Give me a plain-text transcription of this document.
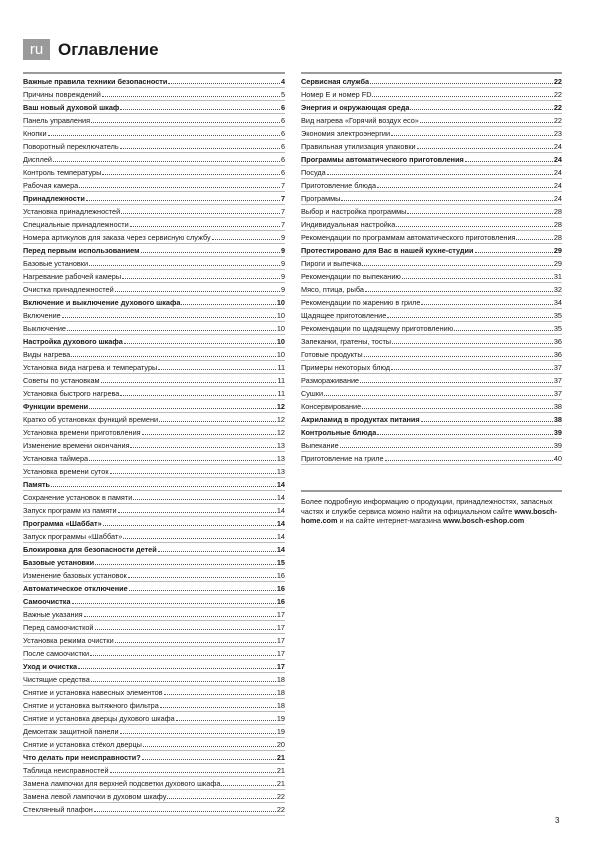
ru Оглавление
Важные правила техники безопасности	4
Причины повреждений	5
Ваш новый духовой шкаф	6
Панель управления	6
Кнопки	6
Поворотный переключатель	6
Дисплей	6
Контроль температуры	6
Рабочая камера	7
Принадлежности	7
Установка принадлежностей	7
Специальные принадлежности	7
Номера артикулов для заказа через сервисную службу	9
Перед первым использованием	9
Базовые установки	9
Нагревание рабочей камеры	9
Очистка принадлежностей	9
Включение и выключение духового шкафа	10
Включение	10
Выключение	10
Настройка духового шкафа	10
Виды нагрева	10
Установка вида нагрева и температуры	11
Советы по установкам	11
Установка быстрого нагрева	11
Функции времени	12
Кратко об установках функций времени	12
Установка времени приготовления	12
Изменение времени окончания	13
Установка таймера	13
Установка времени суток	13
Память	14
Сохранение установок в памяти	14
Запуск программ из памяти	14
Программа «Шаббат»	14
Запуск программы «Шаббат»	14
Блокировка для безопасности детей	14
Базовые установки	15
Изменение базовых установок	16
Автоматическое отключение	16
Самоочистка	16
Важные указания	17
Перед самоочисткой	17
Установка режима очистки	17
После самоочистки	17
Уход и очистка	17
Чистящие средства	18
Снятие и установка навесных элементов	18
Снятие и установка вытяжного фильтра	18
Снятие и установка дверцы духового шкафа	19
Демонтаж защитной панели	19
Снятие и установка стёкол дверцы	20
Что делать при неисправности?	21
Таблица неисправностей	21
Замена лампочки для верхней подсветки духового шкафа	21
Замена левой лампочки в духовом шкафу	22
Стеклянный плафон	22
Сервисная служба	22
Номер E и номер FD	22
Энергия и окружающая среда	22
Вид нагрева «Горячий воздух eco»	22
Экономия электроэнергии	23
Правильная утилизация упаковки	24
Программы автоматического приготовления	24
Посуда	24
Приготовление блюда	24
Программы	24
Выбор и настройка программы	28
Индивидуальная настройка	28
Рекомендации по программам автоматического приготовления	28
Протестировано для Вас в нашей кухне-студии	29
Пироги и выпечка	29
Рекомендации по выпеканию	31
Мясо, птица, рыба	32
Рекомендации по жарению в гриле	34
Щадящее приготовление	35
Рекомендации по щадящему приготовлению	35
Запеканки, гратены, тосты	36
Готовые продукты	36
Примеры некоторых блюд	37
Размораживание	37
Сушки	37
Консервирование	38
Акриламид в продуктах питания	38
Контрольные блюда	39
Выпекание	39
Приготовление на гриле	40

Более подробную информацию о продукции, принадлежностях, запасных частях и службе сервиса можно найти на официальном сайте www.bosch-home.com и на сайте интернет-магазина www.bosch-eshop.com

3
